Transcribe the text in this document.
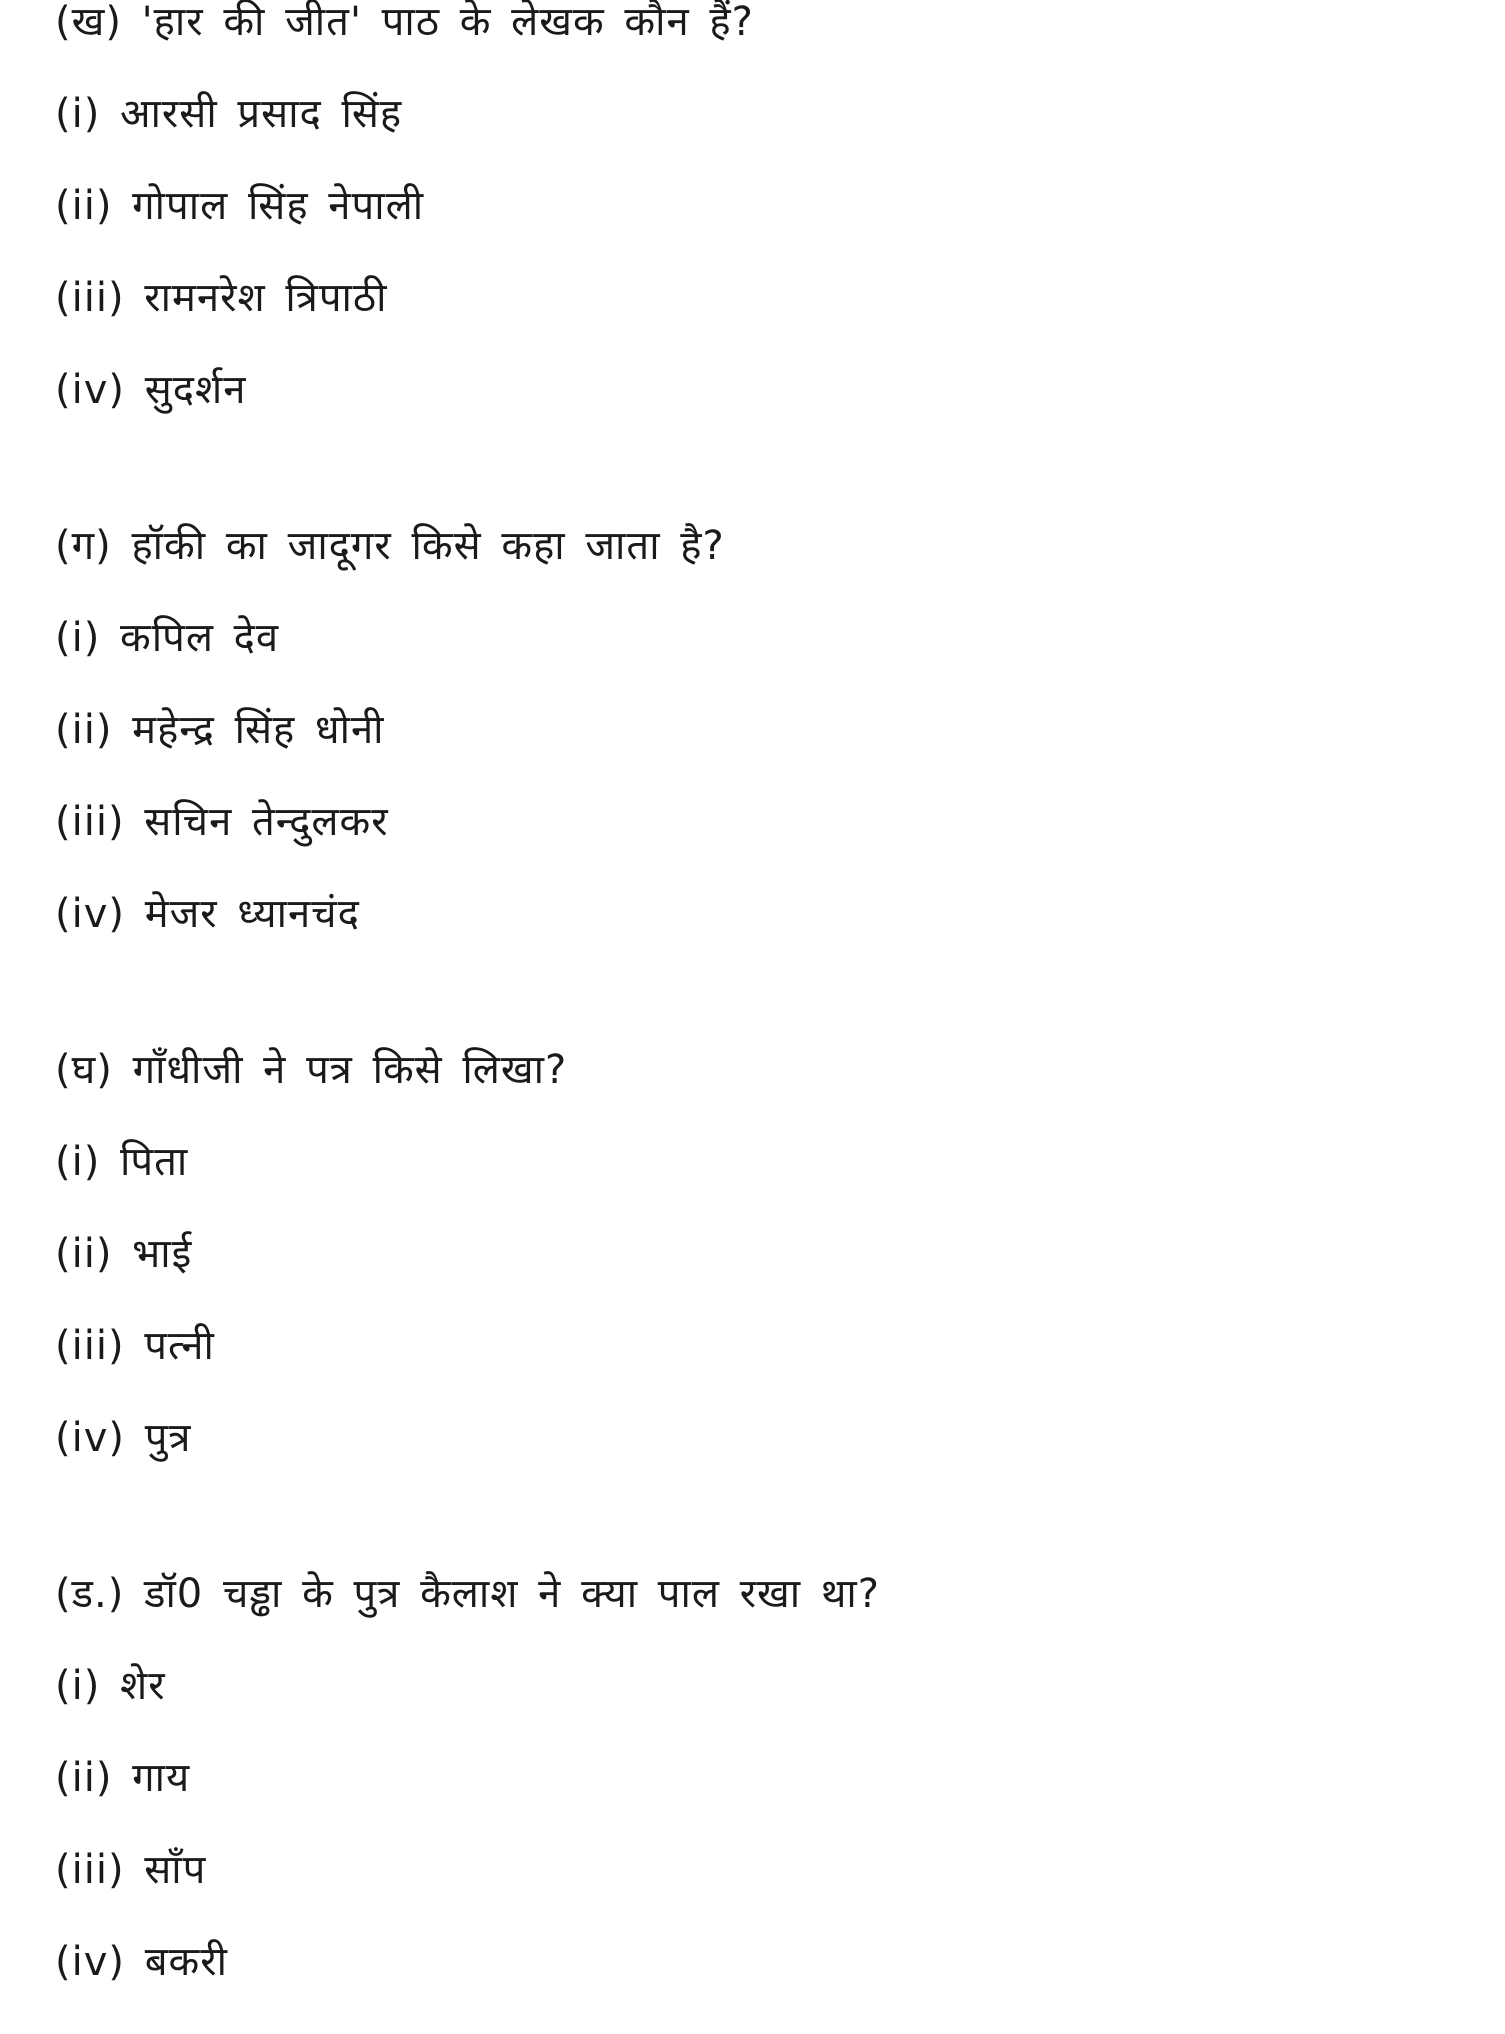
(ख) 'हार की जीत' पाठ के लेखक कौन हैं?
(i) आरसी प्रसाद सिंह
(ii) गोपाल सिंह नेपाली
(iii) रामनरेश त्रिपाठी
(iv) सुदर्शन
(ग) हॉकी का जादूगर किसे कहा जाता है?
(i) कपिल देव
(ii) महेन्द्र सिंह धोनी
(iii) सचिन तेन्दुलकर
(iv) मेजर ध्यानचंद
(घ) गाँधीजी ने पत्र किसे लिखा?
(i) पिता
(ii) भाई
(iii) पत्नी
(iv) पुत्र
(ड.) डॉ0 चड्ढा के पुत्र कैलाश ने क्या पाल रखा था?
(i) शेर
(ii) गाय
(iii) साँप
(iv) बकरी
